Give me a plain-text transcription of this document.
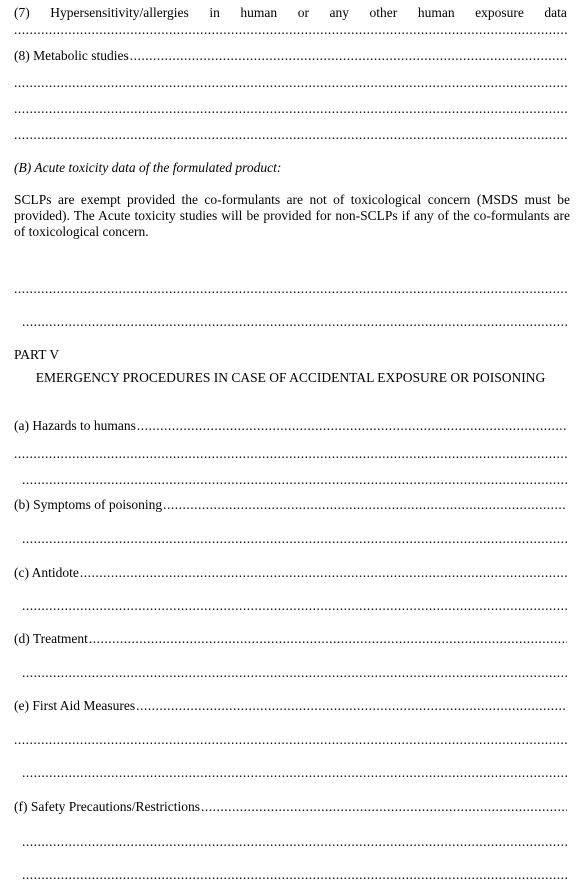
(7) Hypersensitivity/allergies in human or any other human exposure data
.....
(8) Metabolic studies
.....
.....
.....
.....
(B) Acute toxicity data of the formulated product:
SCLPs are exempt provided the co-formulants are not of toxicological concern (MSDS must be provided). The Acute toxicity studies will be provided for non-SCLPs if any of the co-formulants are of toxicological concern.
.....
.....
PART V
EMERGENCY PROCEDURES IN CASE OF ACCIDENTAL EXPOSURE OR POISONING
(a) Hazards to humans
.....
.....
.....
(b) Symptoms of poisoning
.....
.....
(c) Antidote
.....
.....
(d) Treatment
.....
.....
(e) First Aid Measures
.....
.....
.....
(f) Safety Precautions/Restrictions
.....
.....
.....
